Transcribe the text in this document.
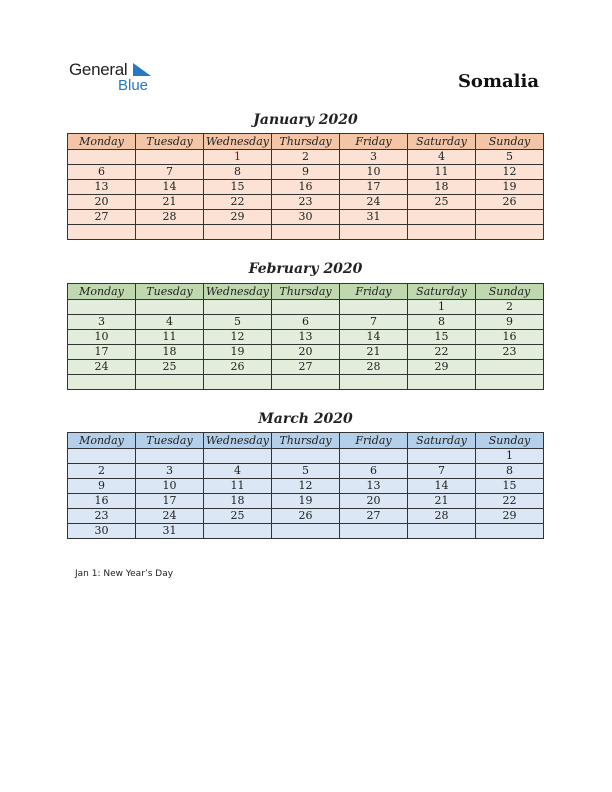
General
Blue	Somalia
January 2020
Monday	Tuesday	Wednesday	Thursday	Friday	Saturday	Sunday
		1	2	3	4	5
6	7	8	9	10	11	12
13	14	15	16	17	18	19
20	21	22	23	24	25	26
27	28	29	30	31		

February 2020
Monday	Tuesday	Wednesday	Thursday	Friday	Saturday	Sunday
					1	2
3	4	5	6	7	8	9
10	11	12	13	14	15	16
17	18	19	20	21	22	23
24	25	26	27	28	29	

March 2020
Monday	Tuesday	Wednesday	Thursday	Friday	Saturday	Sunday
						1
2	3	4	5	6	7	8
9	10	11	12	13	14	15
16	17	18	19	20	21	22
23	24	25	26	27	28	29
30	31					
Jan 1: New Year’s Day
